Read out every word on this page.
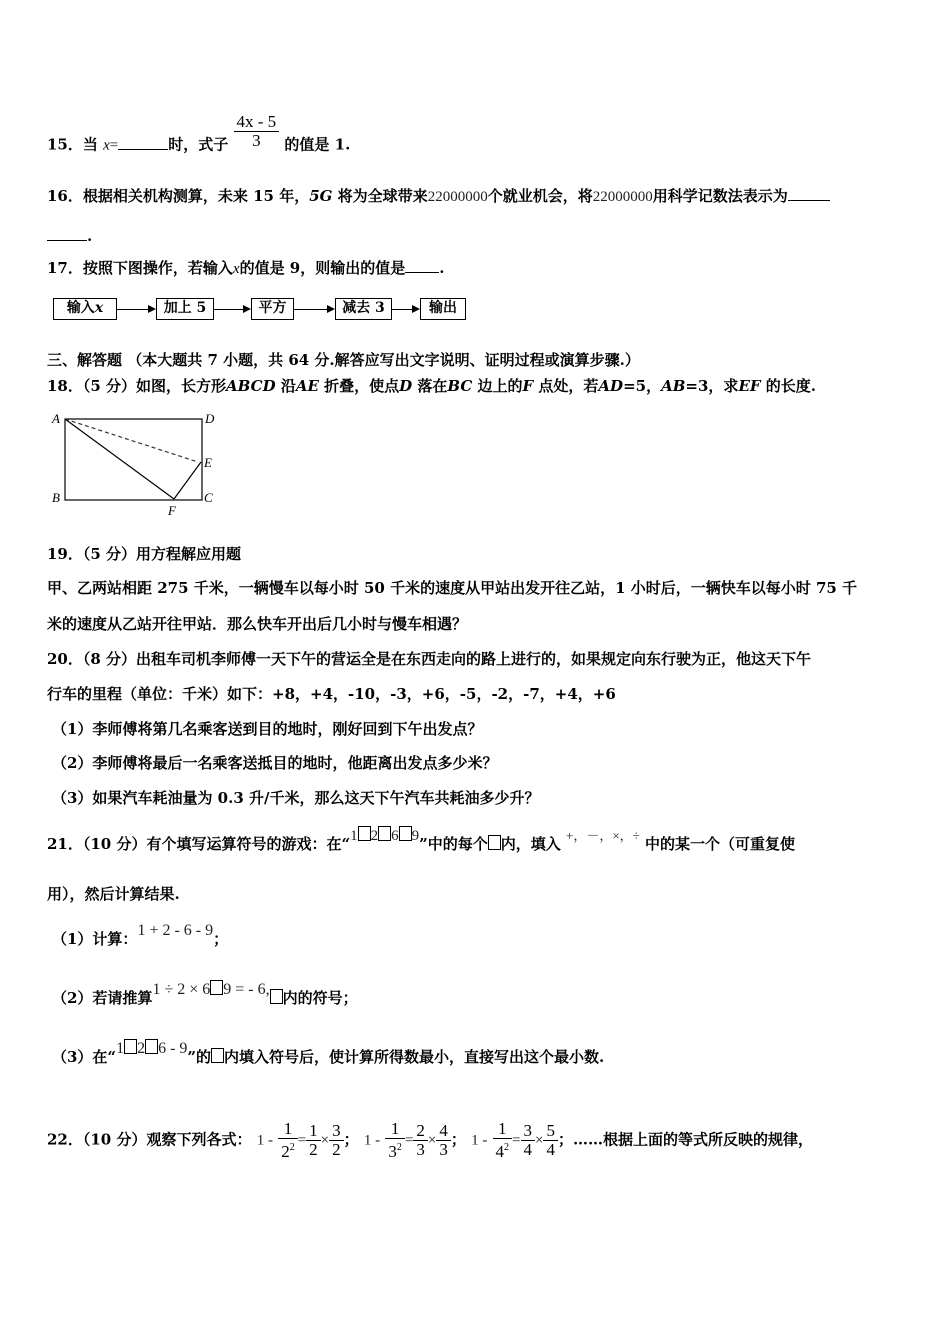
15．当 x=	时，式子 $\frac{4x - 5}{3}$ 的值是 1.
16．根据相关机构测算，未来 15 年，5G 将为全球带来22000000个就业机会，将22000000用科学记数法表示为
.
17．按照下图操作，若输入x的值是 9，则输出的值是 .
输入x	加上 5	平方	减去 3	输出
三、解答题 （本大题共 7 小题，共 64 分.解答应写出文字说明、证明过程或演算步骤.）
18．（5 分）如图，长方形ABCD 沿AE 折叠，使点D 落在BC 边上的F 点处，若AD=5，AB=3，求EF 的长度.
A	D
E
B	C
F
19．（5 分）用方程解应用题
甲、乙两站相距 275 千米，一辆慢车以每小时 50 千米的速度从甲站出发开往乙站，1 小时后，一辆快车以每小时 75 千
米的速度从乙站开往甲站．那么快车开出后几小时与慢车相遇？
20．（8 分）出租车司机李师傅一天下午的营运全是在东西走向的路上进行的，如果规定向东行驶为正，他这天下午
行车的里程（单位：千米）如下：+8，+4，-10，-3，+6，-5，-2，-7，+4，+6
（1）李师傅将第几名乘客送到目的地时，刚好回到下午出发点？
（2）李师傅将最后一名乘客送抵目的地时，他距离出发点多少米？
（3）如果汽车耗油量为 0.3 升/千米，那么这天下午汽车共耗油多少升？
21．（10 分）有个填写运算符号的游戏：在“1 2 6 9”中的每个 内，填入 +，－，×，÷ 中的某一个（可重复使
用），然后计算结果.
（1）计算：1 + 2 - 6 - 9；
（2）若请推算1 ÷ 2 × 6 9 = - 6, 内的符号；
（3）在“1 2 6 - 9”的 内填入符号后，使计算所得数最小，直接写出这个最小数.
22．（10 分）观察下列各式： $1 - \frac{1}{2^2} = \frac{1}{2} \times \frac{3}{2}$ ； $1 - \frac{1}{3^2} = \frac{2}{3} \times \frac{4}{3}$ ； $1 - \frac{1}{4^2} = \frac{3}{4} \times \frac{5}{4}$ ；……根据上面的等式所反映的规律，
